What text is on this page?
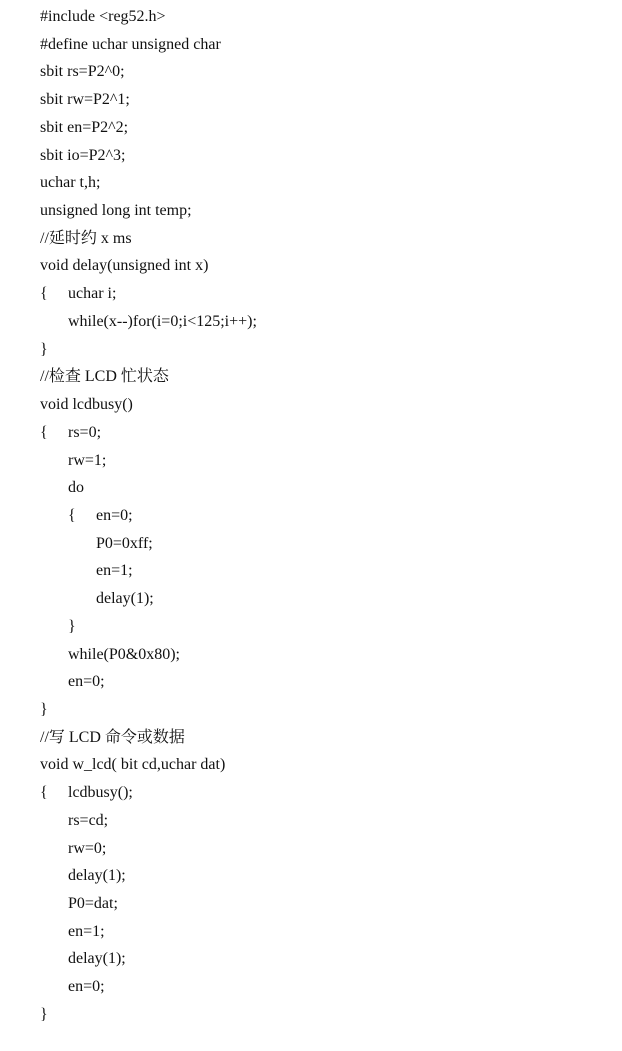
#include <reg52.h>
#define uchar unsigned char
sbit rs=P2^0;
sbit rw=P2^1;
sbit en=P2^2;
sbit io=P2^3;
uchar t,h;
unsigned long int temp;
//延时约 x ms
void delay(unsigned int x)
{ uchar i;
while(x--)for(i=0;i<125;i++);
}
//检查 LCD 忙状态
void lcdbusy()
{ rs=0;
rw=1;
do
{ en=0;
P0=0xff;
en=1;
delay(1);
}
while(P0&0x80);
en=0;
}
//写 LCD 命令或数据
void w_lcd( bit cd,uchar dat)
{ lcdbusy();
rs=cd;
rw=0;
delay(1);
P0=dat;
en=1;
delay(1);
en=0;
}
